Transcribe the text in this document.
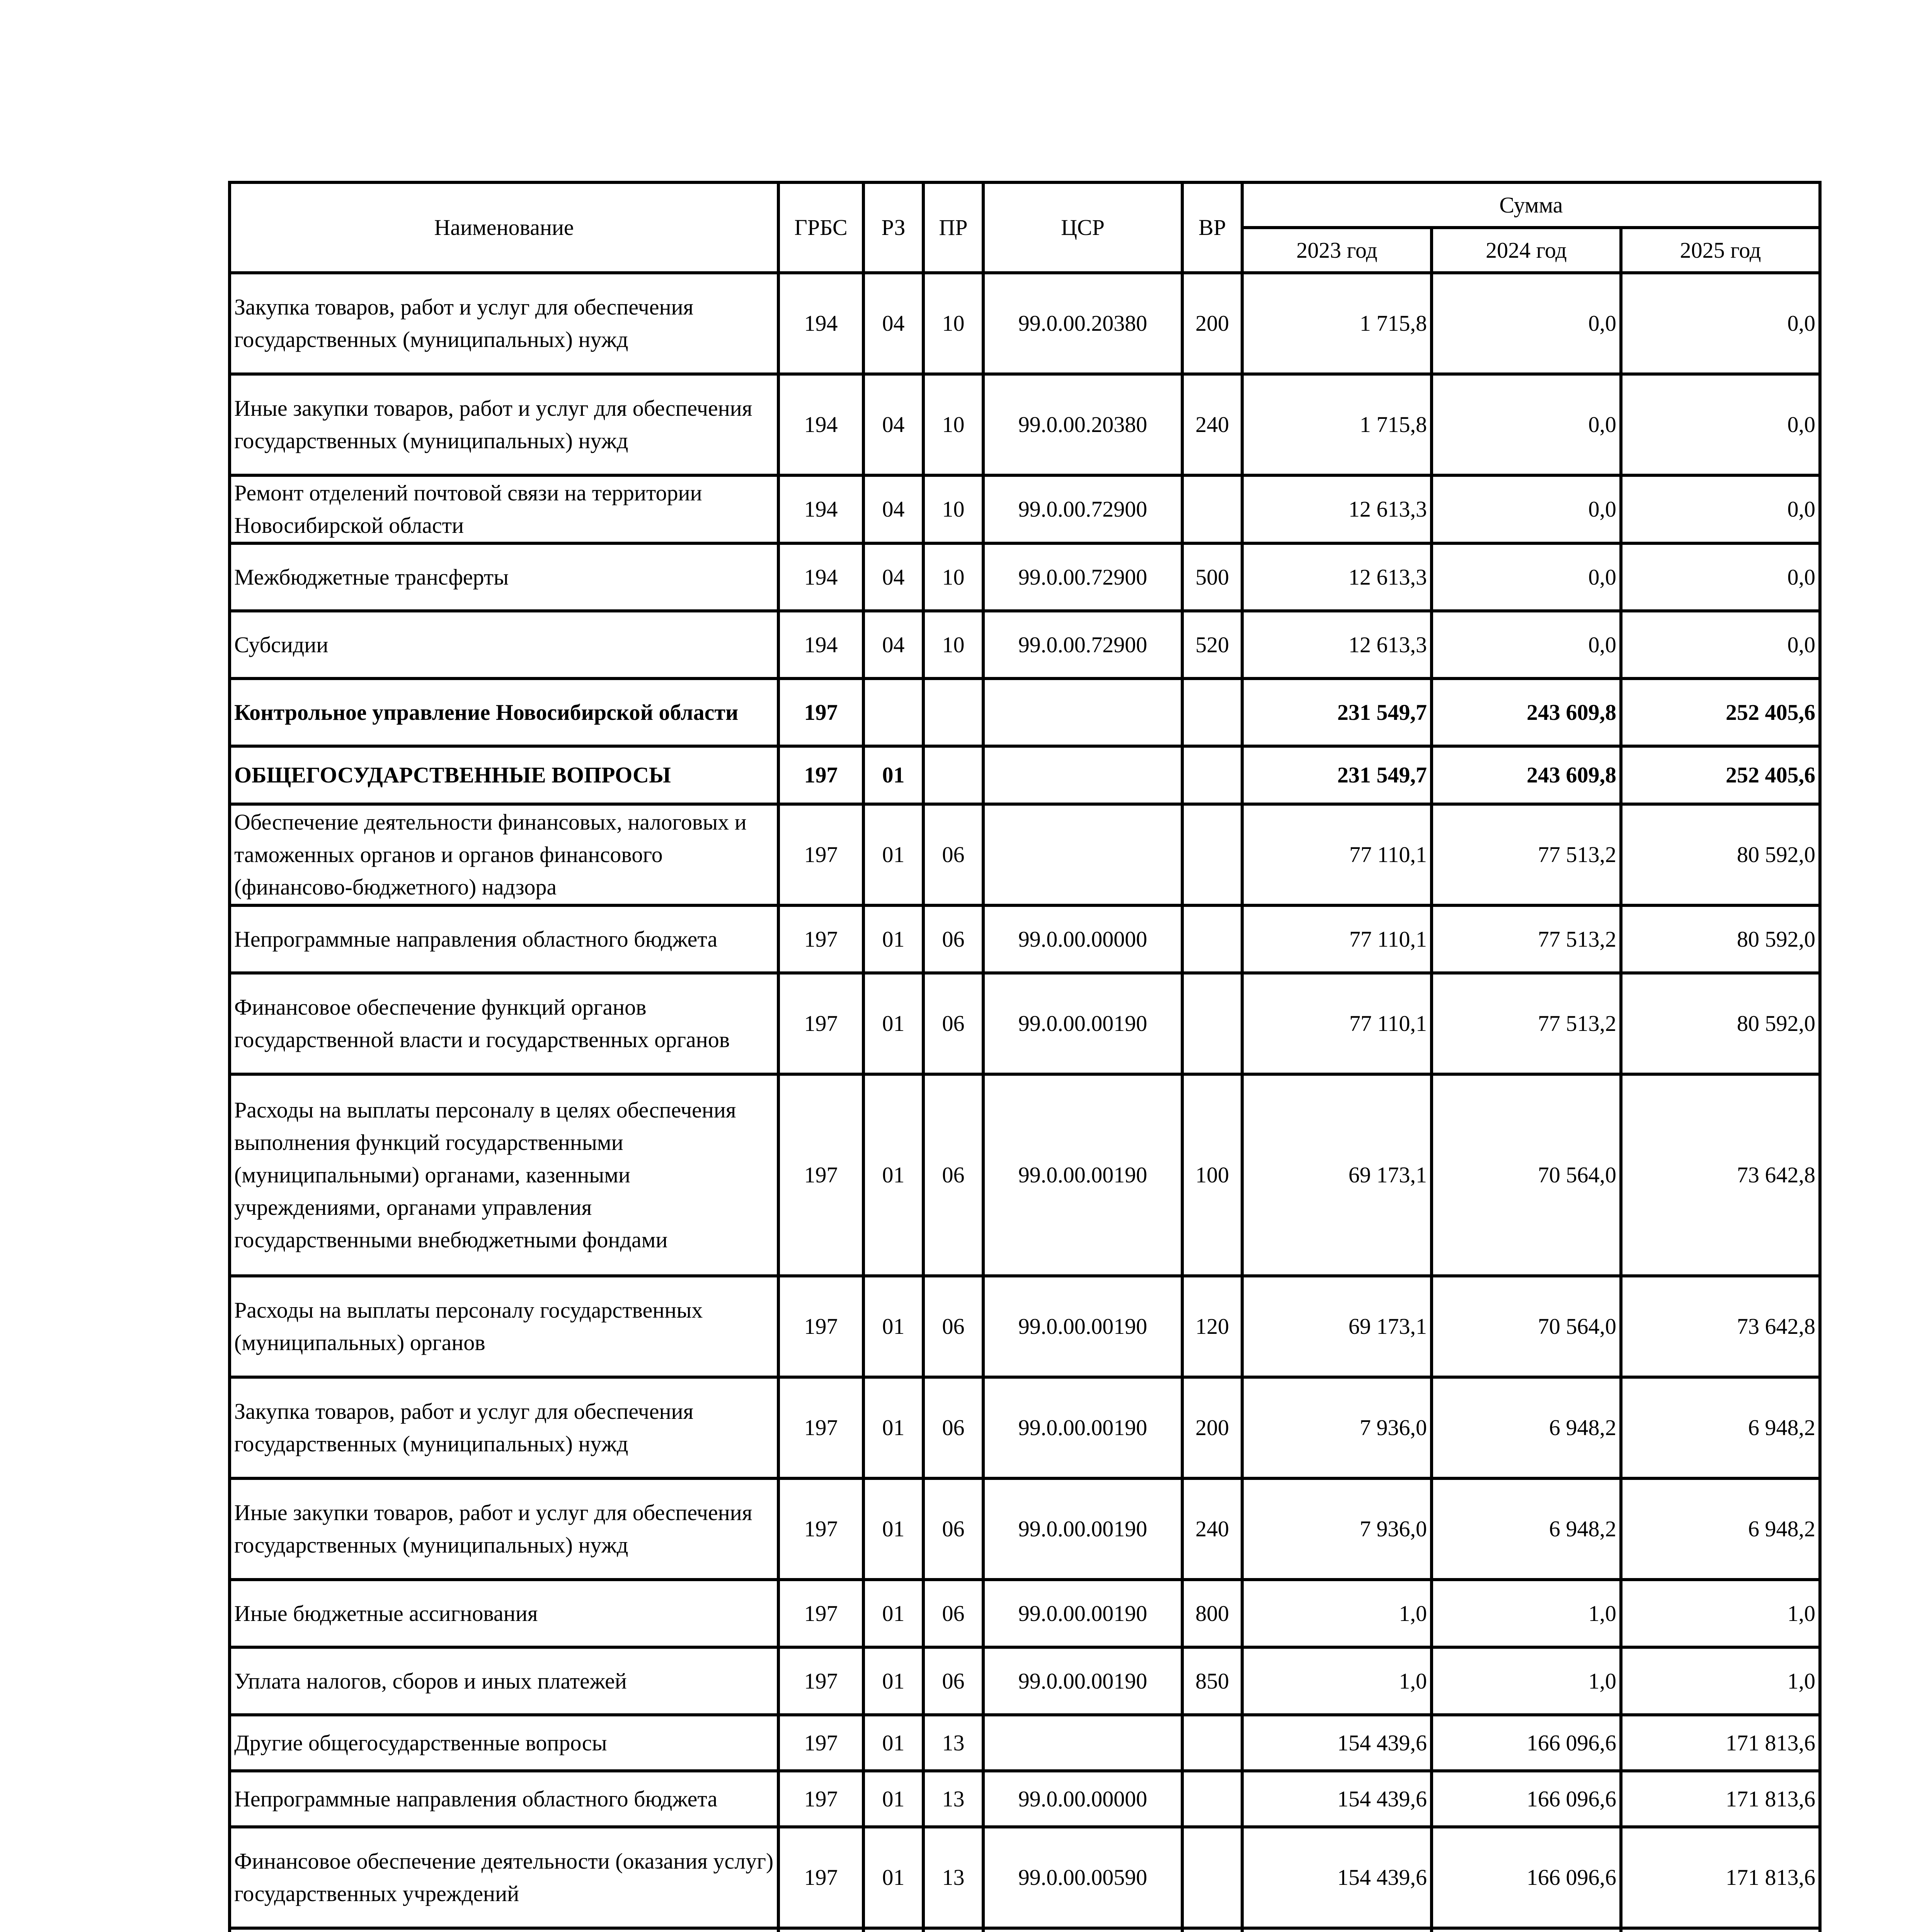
Наименование	ГРБС	РЗ	ПР	ЦСР	ВР	Сумма		
						2023 год	2024 год	2025 год
Закупка товаров, работ и услуг для обеспечения государственных (муниципальных) нужд	194	04	10	99.0.00.20380	200	1 715,8	0,0	0,0
Иные закупки товаров, работ и услуг для обеспечения государственных (муниципальных) нужд	194	04	10	99.0.00.20380	240	1 715,8	0,0	0,0
Ремонт отделений почтовой связи на территории Новосибирской области	194	04	10	99.0.00.72900		12 613,3	0,0	0,0
Межбюджетные трансферты	194	04	10	99.0.00.72900	500	12 613,3	0,0	0,0
Субсидии	194	04	10	99.0.00.72900	520	12 613,3	0,0	0,0
Контрольное управление Новосибирской области	197					231 549,7	243 609,8	252 405,6
ОБЩЕГОСУДАРСТВЕННЫЕ ВОПРОСЫ	197	01				231 549,7	243 609,8	252 405,6
Обеспечение деятельности финансовых, налоговых и таможенных органов и органов финансового (финансово-бюджетного) надзора	197	01	06			77 110,1	77 513,2	80 592,0
Непрограммные направления областного бюджета	197	01	06	99.0.00.00000		77 110,1	77 513,2	80 592,0
Финансовое обеспечение функций органов государственной власти и государственных органов	197	01	06	99.0.00.00190		77 110,1	77 513,2	80 592,0
Расходы на выплаты персоналу в целях обеспечения выполнения функций государственными (муниципальными) органами, казенными учреждениями, органами управления государственными внебюджетными фондами	197	01	06	99.0.00.00190	100	69 173,1	70 564,0	73 642,8
Расходы на выплаты персоналу государственных (муниципальных) органов	197	01	06	99.0.00.00190	120	69 173,1	70 564,0	73 642,8
Закупка товаров, работ и услуг для обеспечения государственных (муниципальных) нужд	197	01	06	99.0.00.00190	200	7 936,0	6 948,2	6 948,2
Иные закупки товаров, работ и услуг для обеспечения государственных (муниципальных) нужд	197	01	06	99.0.00.00190	240	7 936,0	6 948,2	6 948,2
Иные бюджетные ассигнования	197	01	06	99.0.00.00190	800	1,0	1,0	1,0
Уплата налогов, сборов и иных платежей	197	01	06	99.0.00.00190	850	1,0	1,0	1,0
Другие общегосударственные вопросы	197	01	13			154 439,6	166 096,6	171 813,6
Непрограммные направления областного бюджета	197	01	13	99.0.00.00000		154 439,6	166 096,6	171 813,6
Финансовое обеспечение деятельности (оказания услуг) государственных учреждений	197	01	13	99.0.00.00590		154 439,6	166 096,6	171 813,6
